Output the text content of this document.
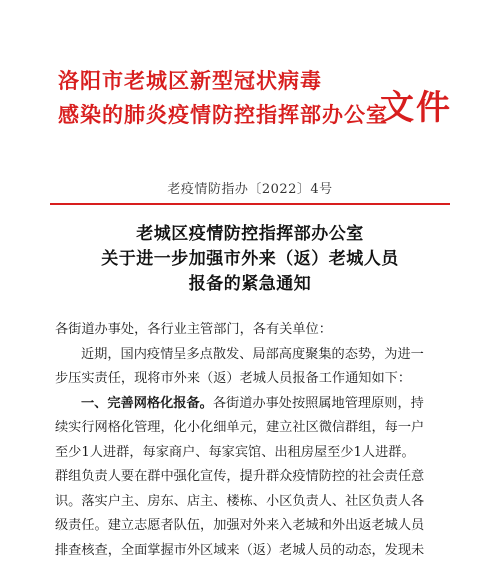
洛阳市老城区新型冠状病毒
感染的肺炎疫情防控指挥部办公室
文件
老疫情防指办〔2022〕4号
老城区疫情防控指挥部办公室
关于进一步加强市外来（返）老城人员
报备的紧急通知

各街道办事处，各行业主管部门，各有关单位：

近期，国内疫情呈多点散发、局部高度聚集的态势，为进一
步压实责任，现将市外来（返）老城人员报备工作通知如下：

一、完善网格化报备。各街道办事处按照属地管理原则，持
续实行网格化管理，化小化细单元，建立社区微信群组，每一户
至少1人进群，每家商户、每家宾馆、出租房屋至少1人进群。
群组负责人要在群中强化宣传，提升群众疫情防控的社会责任意
识。落实户主、房东、店主、楼栋、小区负责人、社区负责人各
级责任。建立志愿者队伍，加强对外来入老城和外出返老城人员
排查核查，全面掌握市外区域来（返）老城人员的动态，发现未
